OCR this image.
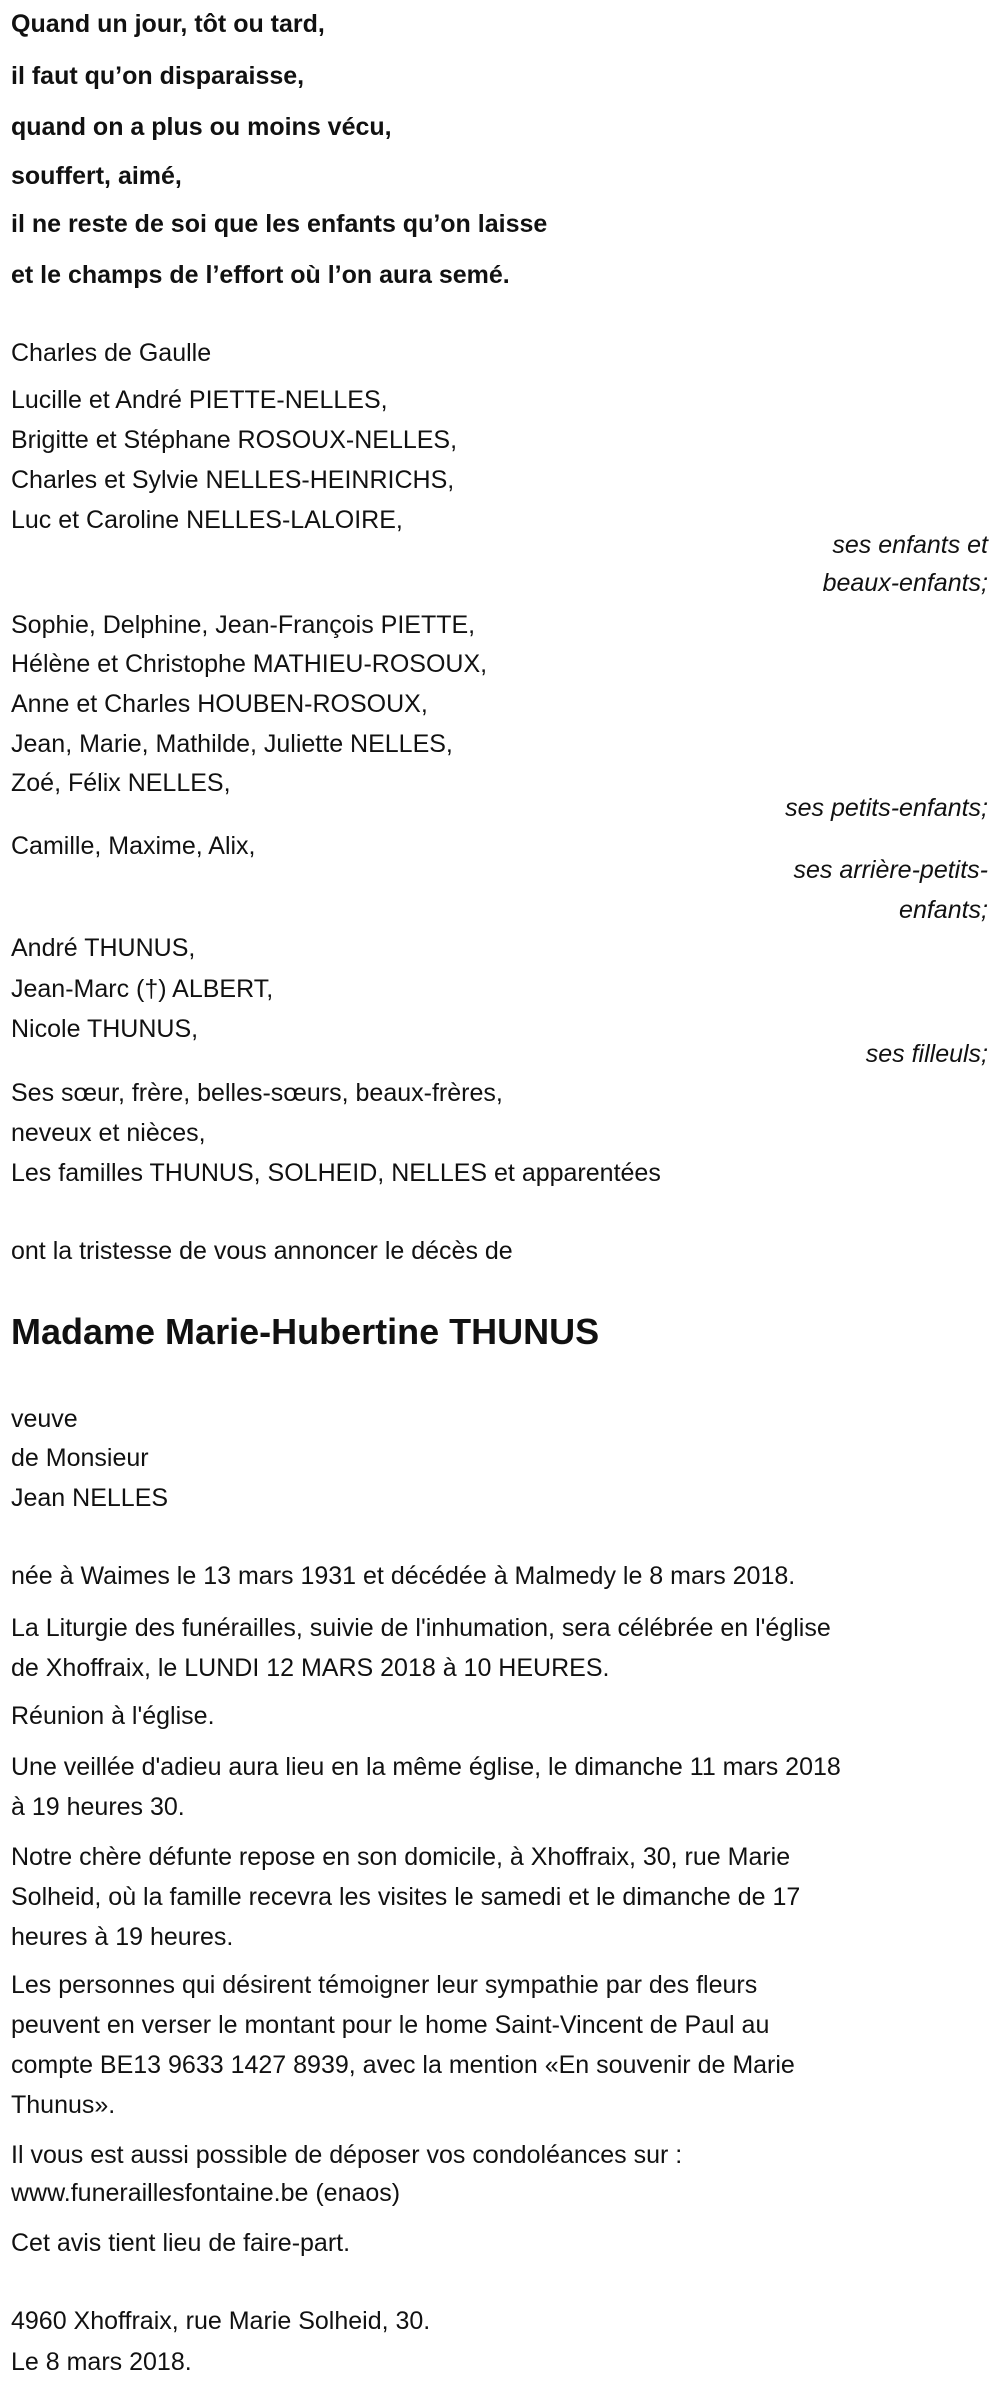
Quand un jour, tôt ou tard,
il faut qu’on disparaisse,
quand on a plus ou moins vécu,
souffert, aimé,
il ne reste de soi que les enfants qu’on laisse
et le champs de l’effort où l’on aura semé.
Charles de Gaulle
Lucille et André PIETTE-NELLES,
Brigitte et Stéphane ROSOUX-NELLES,
Charles et Sylvie NELLES-HEINRICHS,
Luc et Caroline NELLES-LALOIRE,
ses enfants et
beaux-enfants;
Sophie, Delphine, Jean-François PIETTE,
Hélène et Christophe MATHIEU-ROSOUX,
Anne et Charles HOUBEN-ROSOUX,
Jean, Marie, Mathilde, Juliette NELLES,
Zoé, Félix NELLES,
ses petits-enfants;
Camille, Maxime, Alix,
ses arrière-petits-
enfants;
André THUNUS,
Jean-Marc (†) ALBERT,
Nicole THUNUS,
ses filleuls;
Ses sœur, frère, belles-sœurs, beaux-frères,
neveux et nièces,
Les familles THUNUS, SOLHEID, NELLES et apparentées
ont la tristesse de vous annoncer le décès de
Madame Marie-Hubertine THUNUS
veuve
de Monsieur
Jean NELLES
née à Waimes le 13 mars 1931 et décédée à Malmedy le 8 mars 2018.
La Liturgie des funérailles, suivie de l'inhumation, sera célébrée en l'église
de Xhoffraix, le LUNDI 12 MARS 2018 à 10 HEURES.
Réunion à l'église.
Une veillée d'adieu aura lieu en la même église, le dimanche 11 mars 2018
à 19 heures 30.
Notre chère défunte repose en son domicile, à Xhoffraix, 30, rue Marie
Solheid, où la famille recevra les visites le samedi et le dimanche de 17
heures à 19 heures.
Les personnes qui désirent témoigner leur sympathie par des fleurs
peuvent en verser le montant pour le home Saint-Vincent de Paul au
compte BE13 9633 1427 8939, avec la mention «En souvenir de Marie
Thunus».
Il vous est aussi possible de déposer vos condoléances sur :
www.funeraillesfontaine.be (enaos)
Cet avis tient lieu de faire-part.
4960 Xhoffraix, rue Marie Solheid, 30.
Le 8 mars 2018.
